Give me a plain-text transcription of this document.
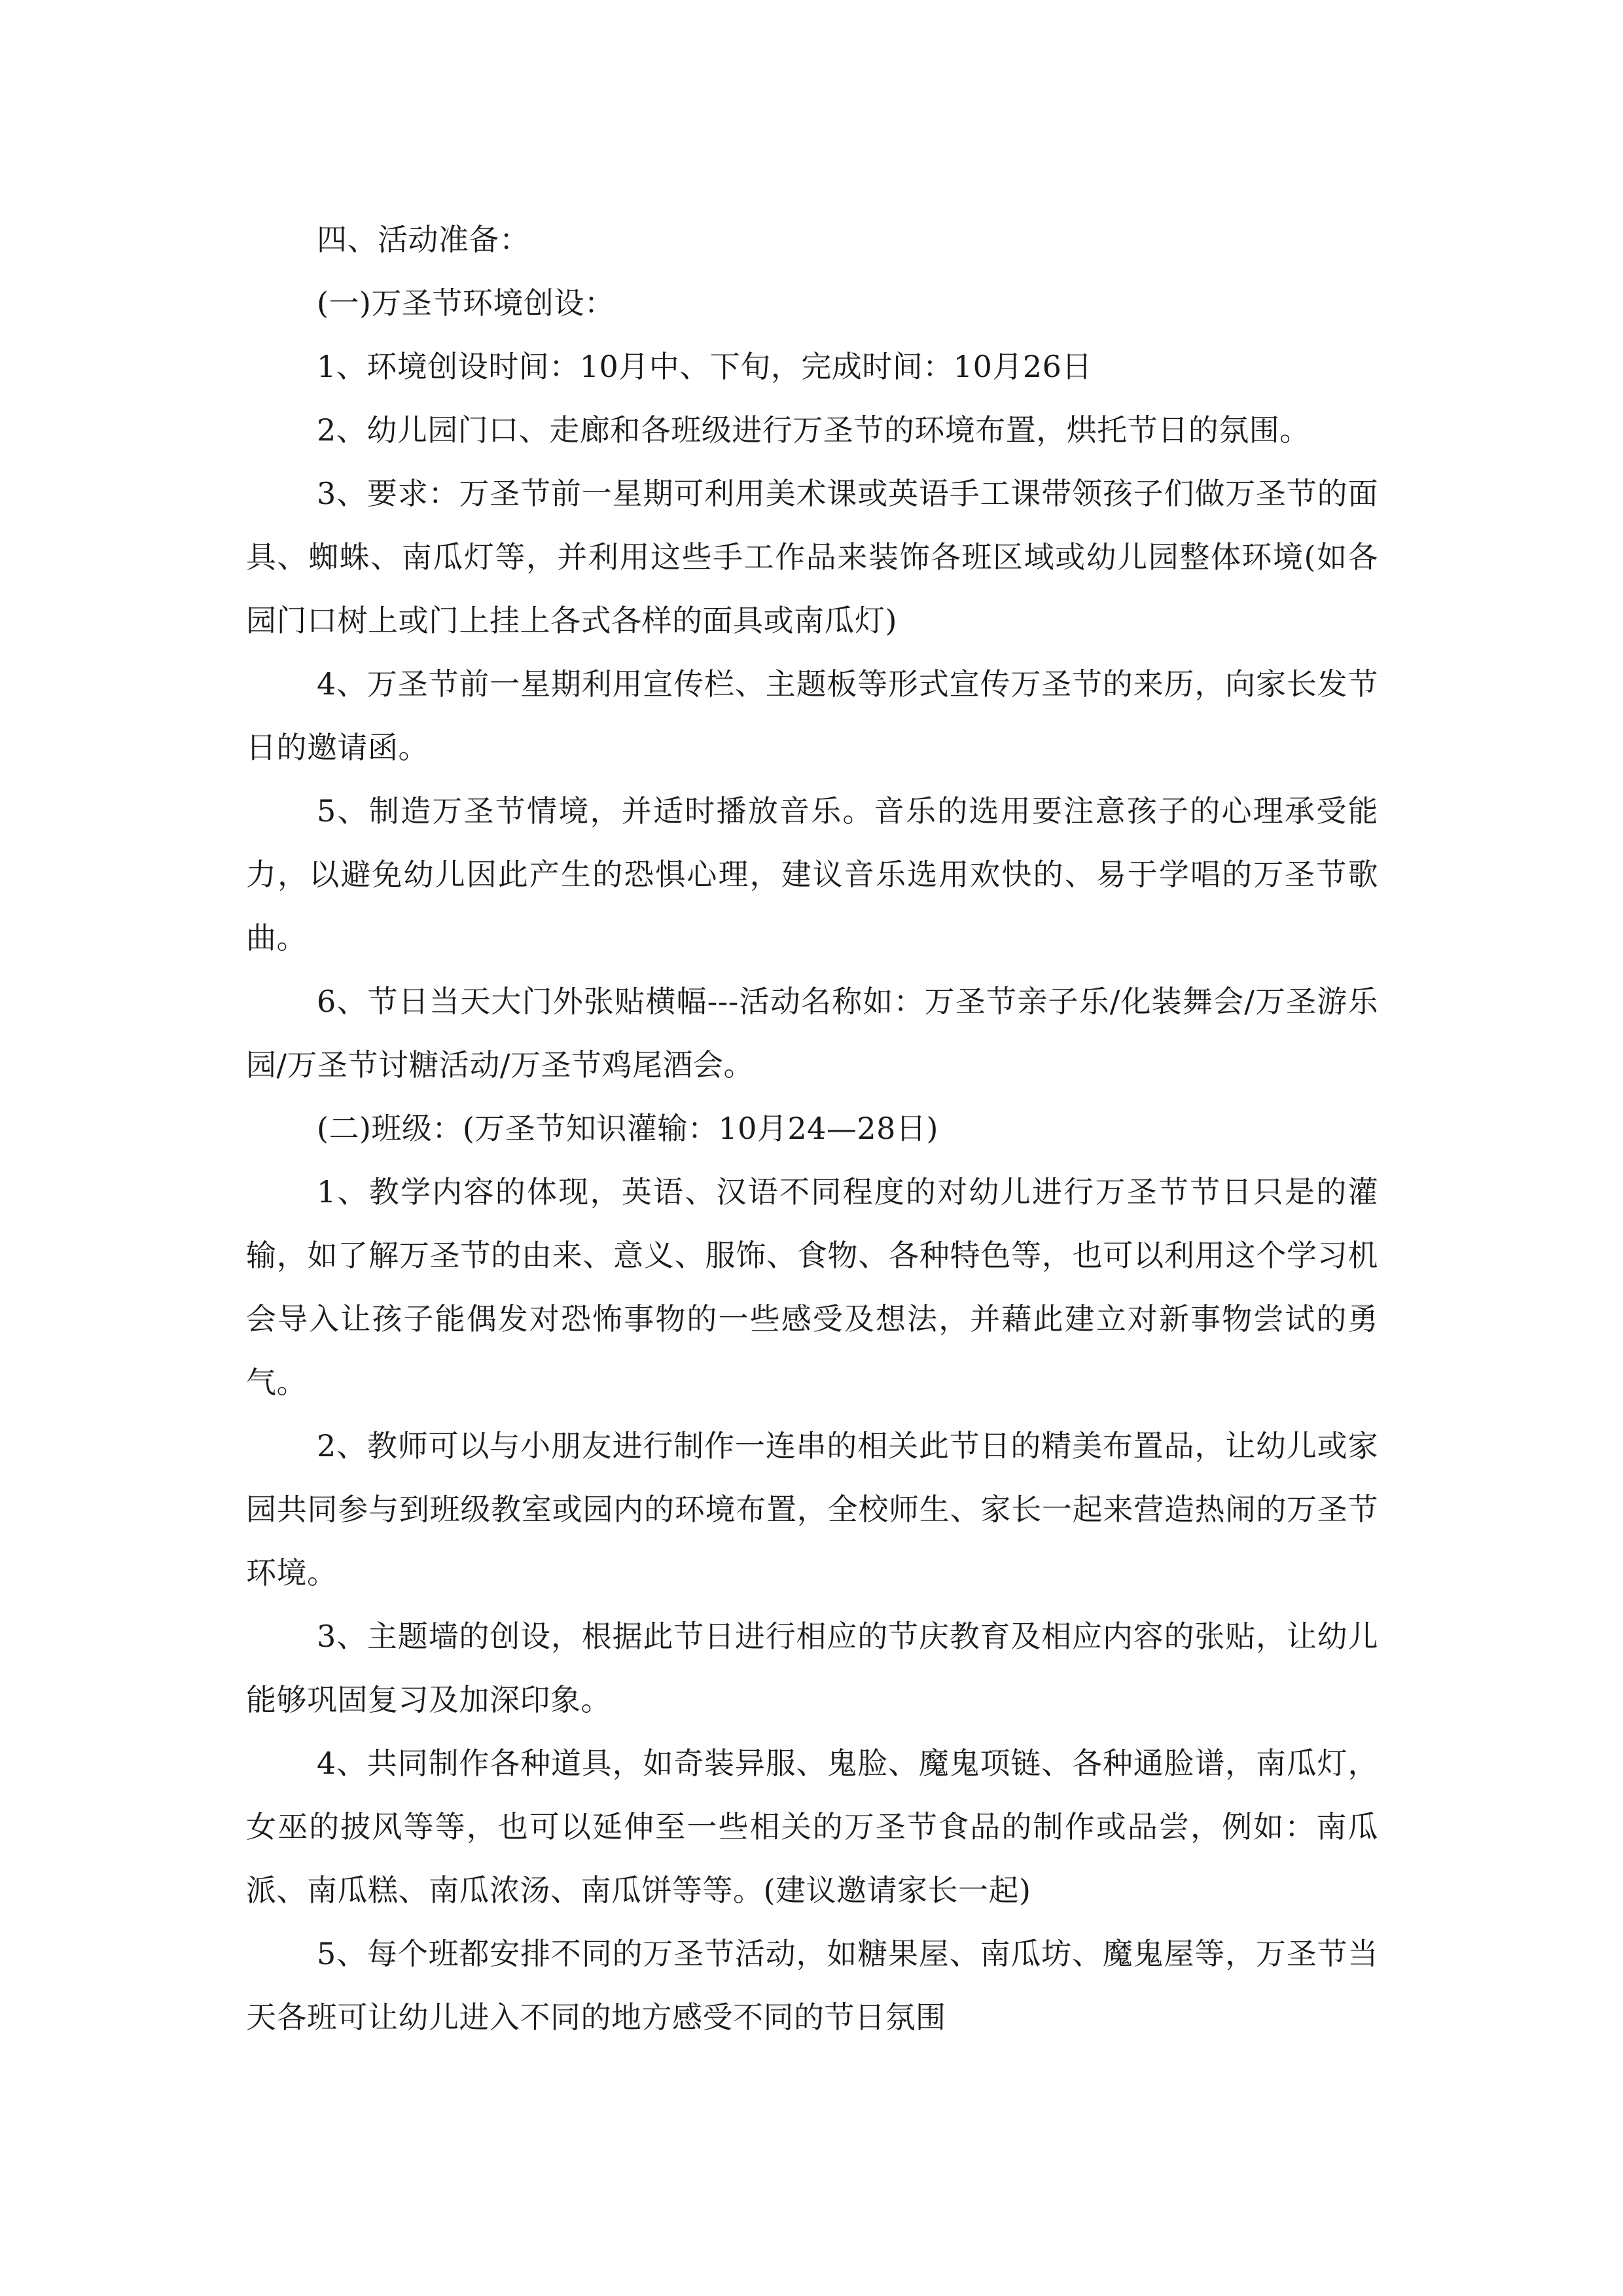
四、活动准备：

(一)万圣节环境创设：

1、环境创设时间：10月中、下旬，完成时间：10月26日

2、幼儿园门口、走廊和各班级进行万圣节的环境布置，烘托节日的氛围。

3、要求：万圣节前一星期可利用美术课或英语手工课带领孩子们做万圣节的面具、蜘蛛、南瓜灯等，并利用这些手工作品来装饰各班区域或幼儿园整体环境(如各园门口树上或门上挂上各式各样的面具或南瓜灯)

4、万圣节前一星期利用宣传栏、主题板等形式宣传万圣节的来历，向家长发节日的邀请函。

5、制造万圣节情境，并适时播放音乐。音乐的选用要注意孩子的心理承受能力，以避免幼儿因此产生的恐惧心理，建议音乐选用欢快的、易于学唱的万圣节歌曲。

6、节日当天大门外张贴横幅---活动名称如：万圣节亲子乐/化装舞会/万圣游乐园/万圣节讨糖活动/万圣节鸡尾酒会。

(二)班级：(万圣节知识灌输：10月24—28日)

1、教学内容的体现，英语、汉语不同程度的对幼儿进行万圣节节日只是的灌输，如了解万圣节的由来、意义、服饰、食物、各种特色等，也可以利用这个学习机会导入让孩子能偶发对恐怖事物的一些感受及想法，并藉此建立对新事物尝试的勇气。

2、教师可以与小朋友进行制作一连串的相关此节日的精美布置品，让幼儿或家园共同参与到班级教室或园内的环境布置，全校师生、家长一起来营造热闹的万圣节环境。

3、主题墙的创设，根据此节日进行相应的节庆教育及相应内容的张贴，让幼儿能够巩固复习及加深印象。

4、共同制作各种道具，如奇装异服、鬼脸、魔鬼项链、各种通脸谱，南瓜灯，女巫的披风等等，也可以延伸至一些相关的万圣节食品的制作或品尝，例如：南瓜派、南瓜糕、南瓜浓汤、南瓜饼等等。(建议邀请家长一起)

5、每个班都安排不同的万圣节活动，如糖果屋、南瓜坊、魔鬼屋等，万圣节当天各班可让幼儿进入不同的地方感受不同的节日氛围
